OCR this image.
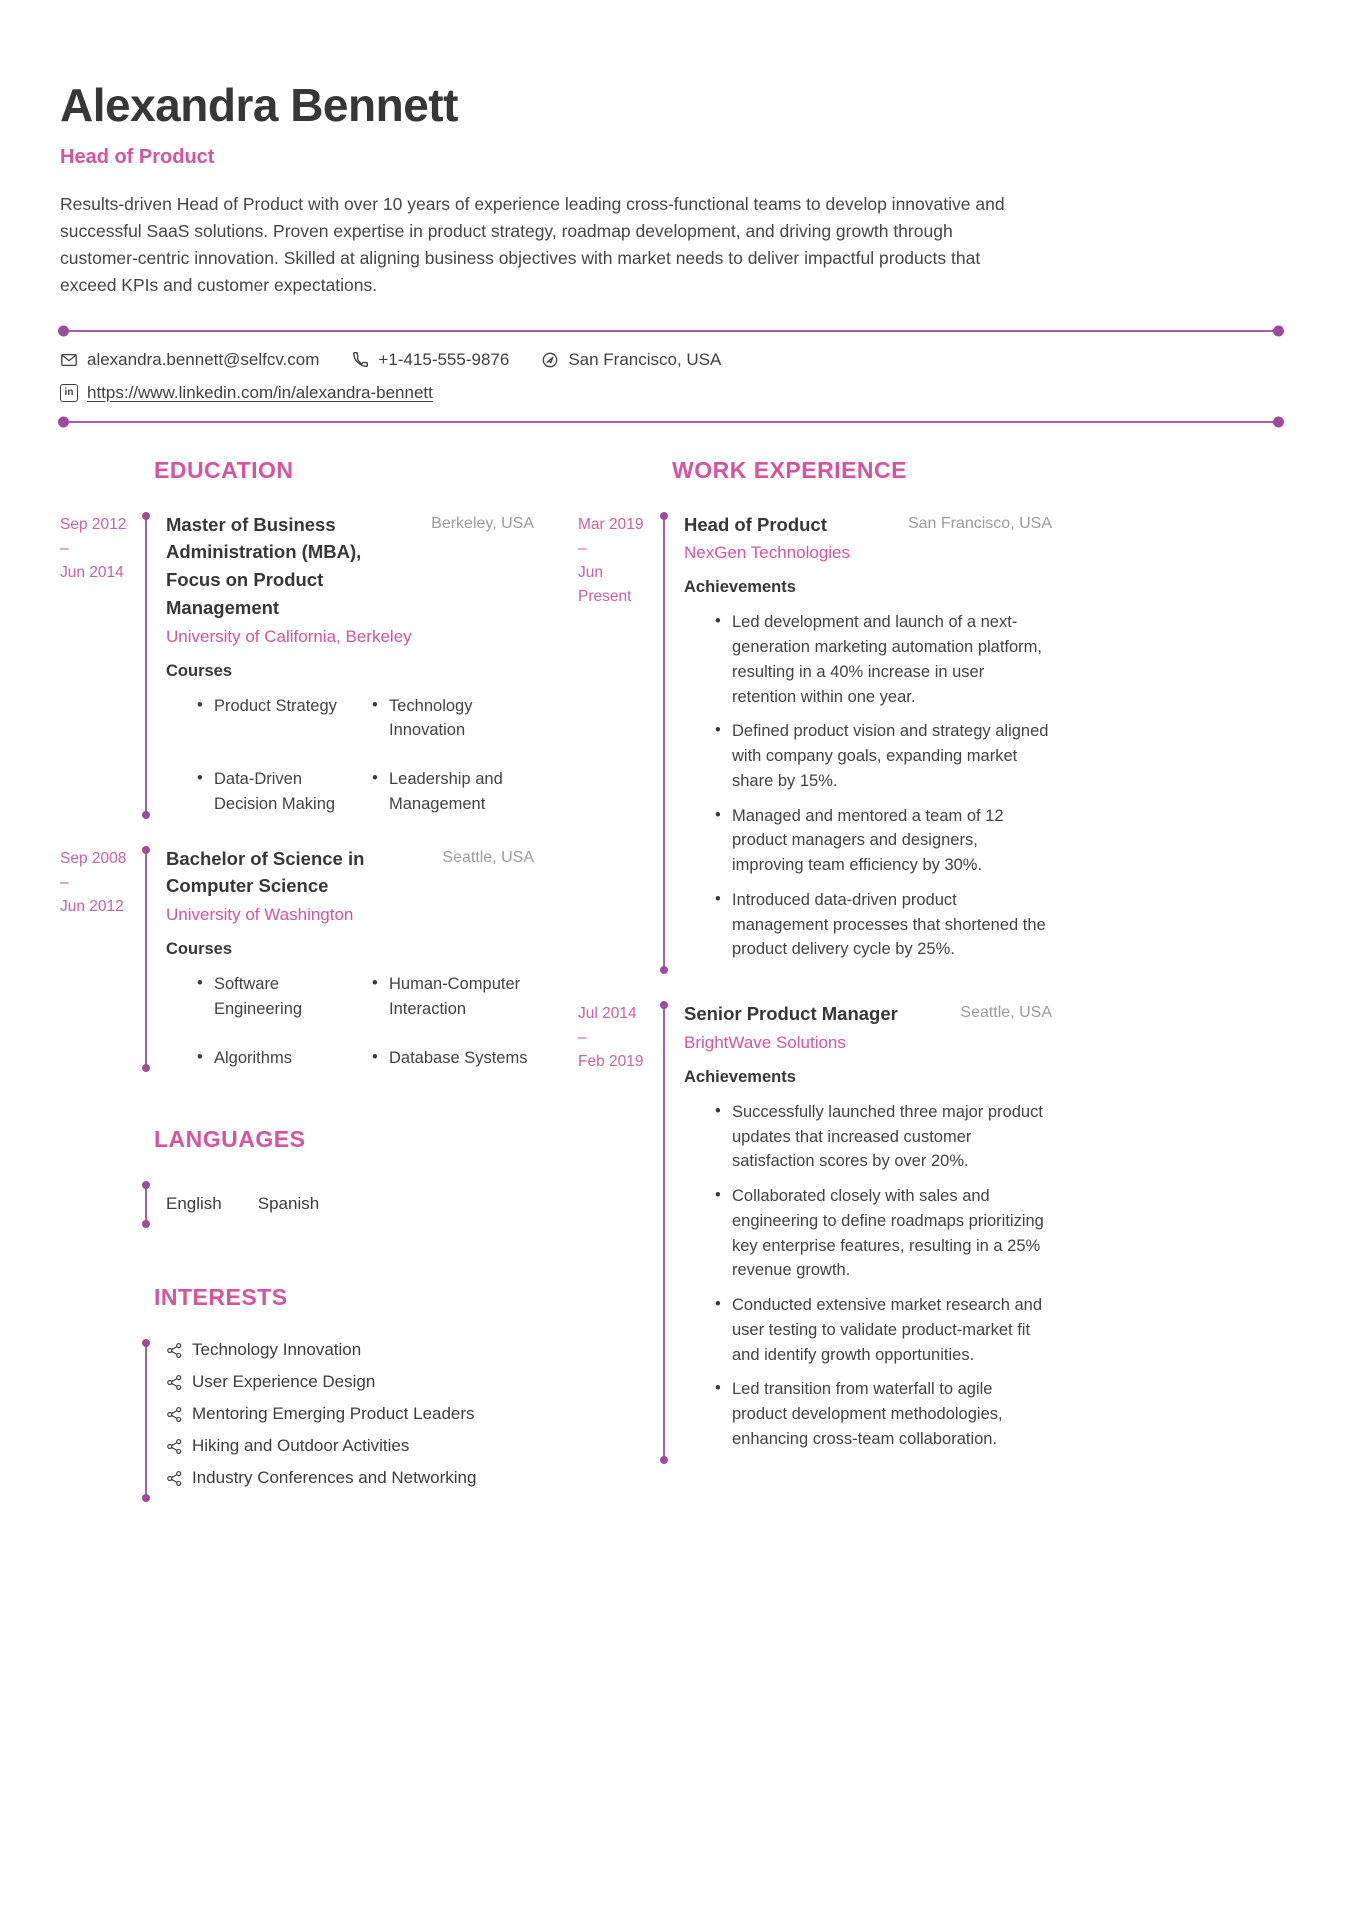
Alexandra Bennett
Head of Product

Results-driven Head of Product with over 10 years of experience leading cross-functional teams to develop innovative and successful SaaS solutions. Proven expertise in product strategy, roadmap development, and driving growth through customer-centric innovation. Skilled at aligning business objectives with market needs to deliver impactful products that exceed KPIs and customer expectations.

alexandra.bennett@selfcv.com	+1-415-555-9876	San Francisco, USA
in https://www.linkedin.com/in/alexandra-bennett
EDUCATION
Sep 2012
–
Jun 2014
Master of Business Administration (MBA), Focus on Product Management
Berkeley, USA
University of California, Berkeley
Courses
• Product Strategy	• Technology Innovation
• Data-Driven Decision Making
• Leadership and Management
Sep 2008
–
Jun 2012
Bachelor of Science in Computer Science
Seattle, USA
University of Washington
Courses
• Software Engineering
• Human-Computer Interaction
• Algorithms	• Database Systems
LANGUAGES
English Spanish
INTERESTS
Technology Innovation
User Experience Design
Mentoring Emerging Product Leaders
Hiking and Outdoor Activities
Industry Conferences and Networking
WORK EXPERIENCE
Mar 2019
–
Jun
Present
Head of Product	San Francisco, USA
NexGen Technologies
Achievements
• Led development and launch of a next-generation marketing automation platform, resulting in a 40% increase in user retention within one year.
• Defined product vision and strategy aligned with company goals, expanding market share by 15%.
• Managed and mentored a team of 12 product managers and designers, improving team efficiency by 30%.
• Introduced data-driven product management processes that shortened the product delivery cycle by 25%.
Jul 2014
–
Feb 2019
Senior Product Manager	Seattle, USA
BrightWave Solutions
Achievements
• Successfully launched three major product updates that increased customer satisfaction scores by over 20%.
• Collaborated closely with sales and engineering to define roadmaps prioritizing key enterprise features, resulting in a 25% revenue growth.
• Conducted extensive market research and user testing to validate product-market fit and identify growth opportunities.
• Led transition from waterfall to agile product development methodologies, enhancing cross-team collaboration.
